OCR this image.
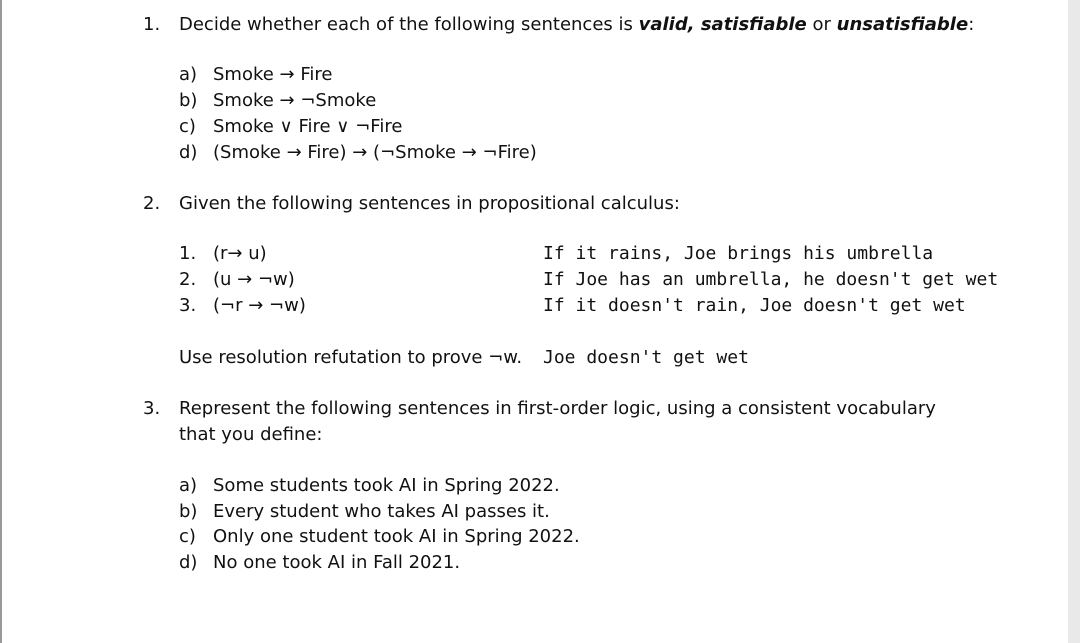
1. Decide whether each of the following sentences is valid, satisfiable or unsatisfiable:
a) Smoke → Fire
b) Smoke → ¬Smoke
c) Smoke ∨ Fire ∨ ¬Fire
d) (Smoke → Fire) → (¬Smoke → ¬Fire)
2. Given the following sentences in propositional calculus:
1. (r→ u)	If it rains, Joe brings his umbrella
2. (u → ¬w)	If Joe has an umbrella, he doesn't get wet
3. (¬r → ¬w)	If it doesn't rain, Joe doesn't get wet
Use resolution refutation to prove ¬w. Joe doesn't get wet
3. Represent the following sentences in first-order logic, using a consistent vocabulary
that you define:
a) Some students took AI in Spring 2022.
b) Every student who takes AI passes it.
c) Only one student took AI in Spring 2022.
d) No one took AI in Fall 2021.
